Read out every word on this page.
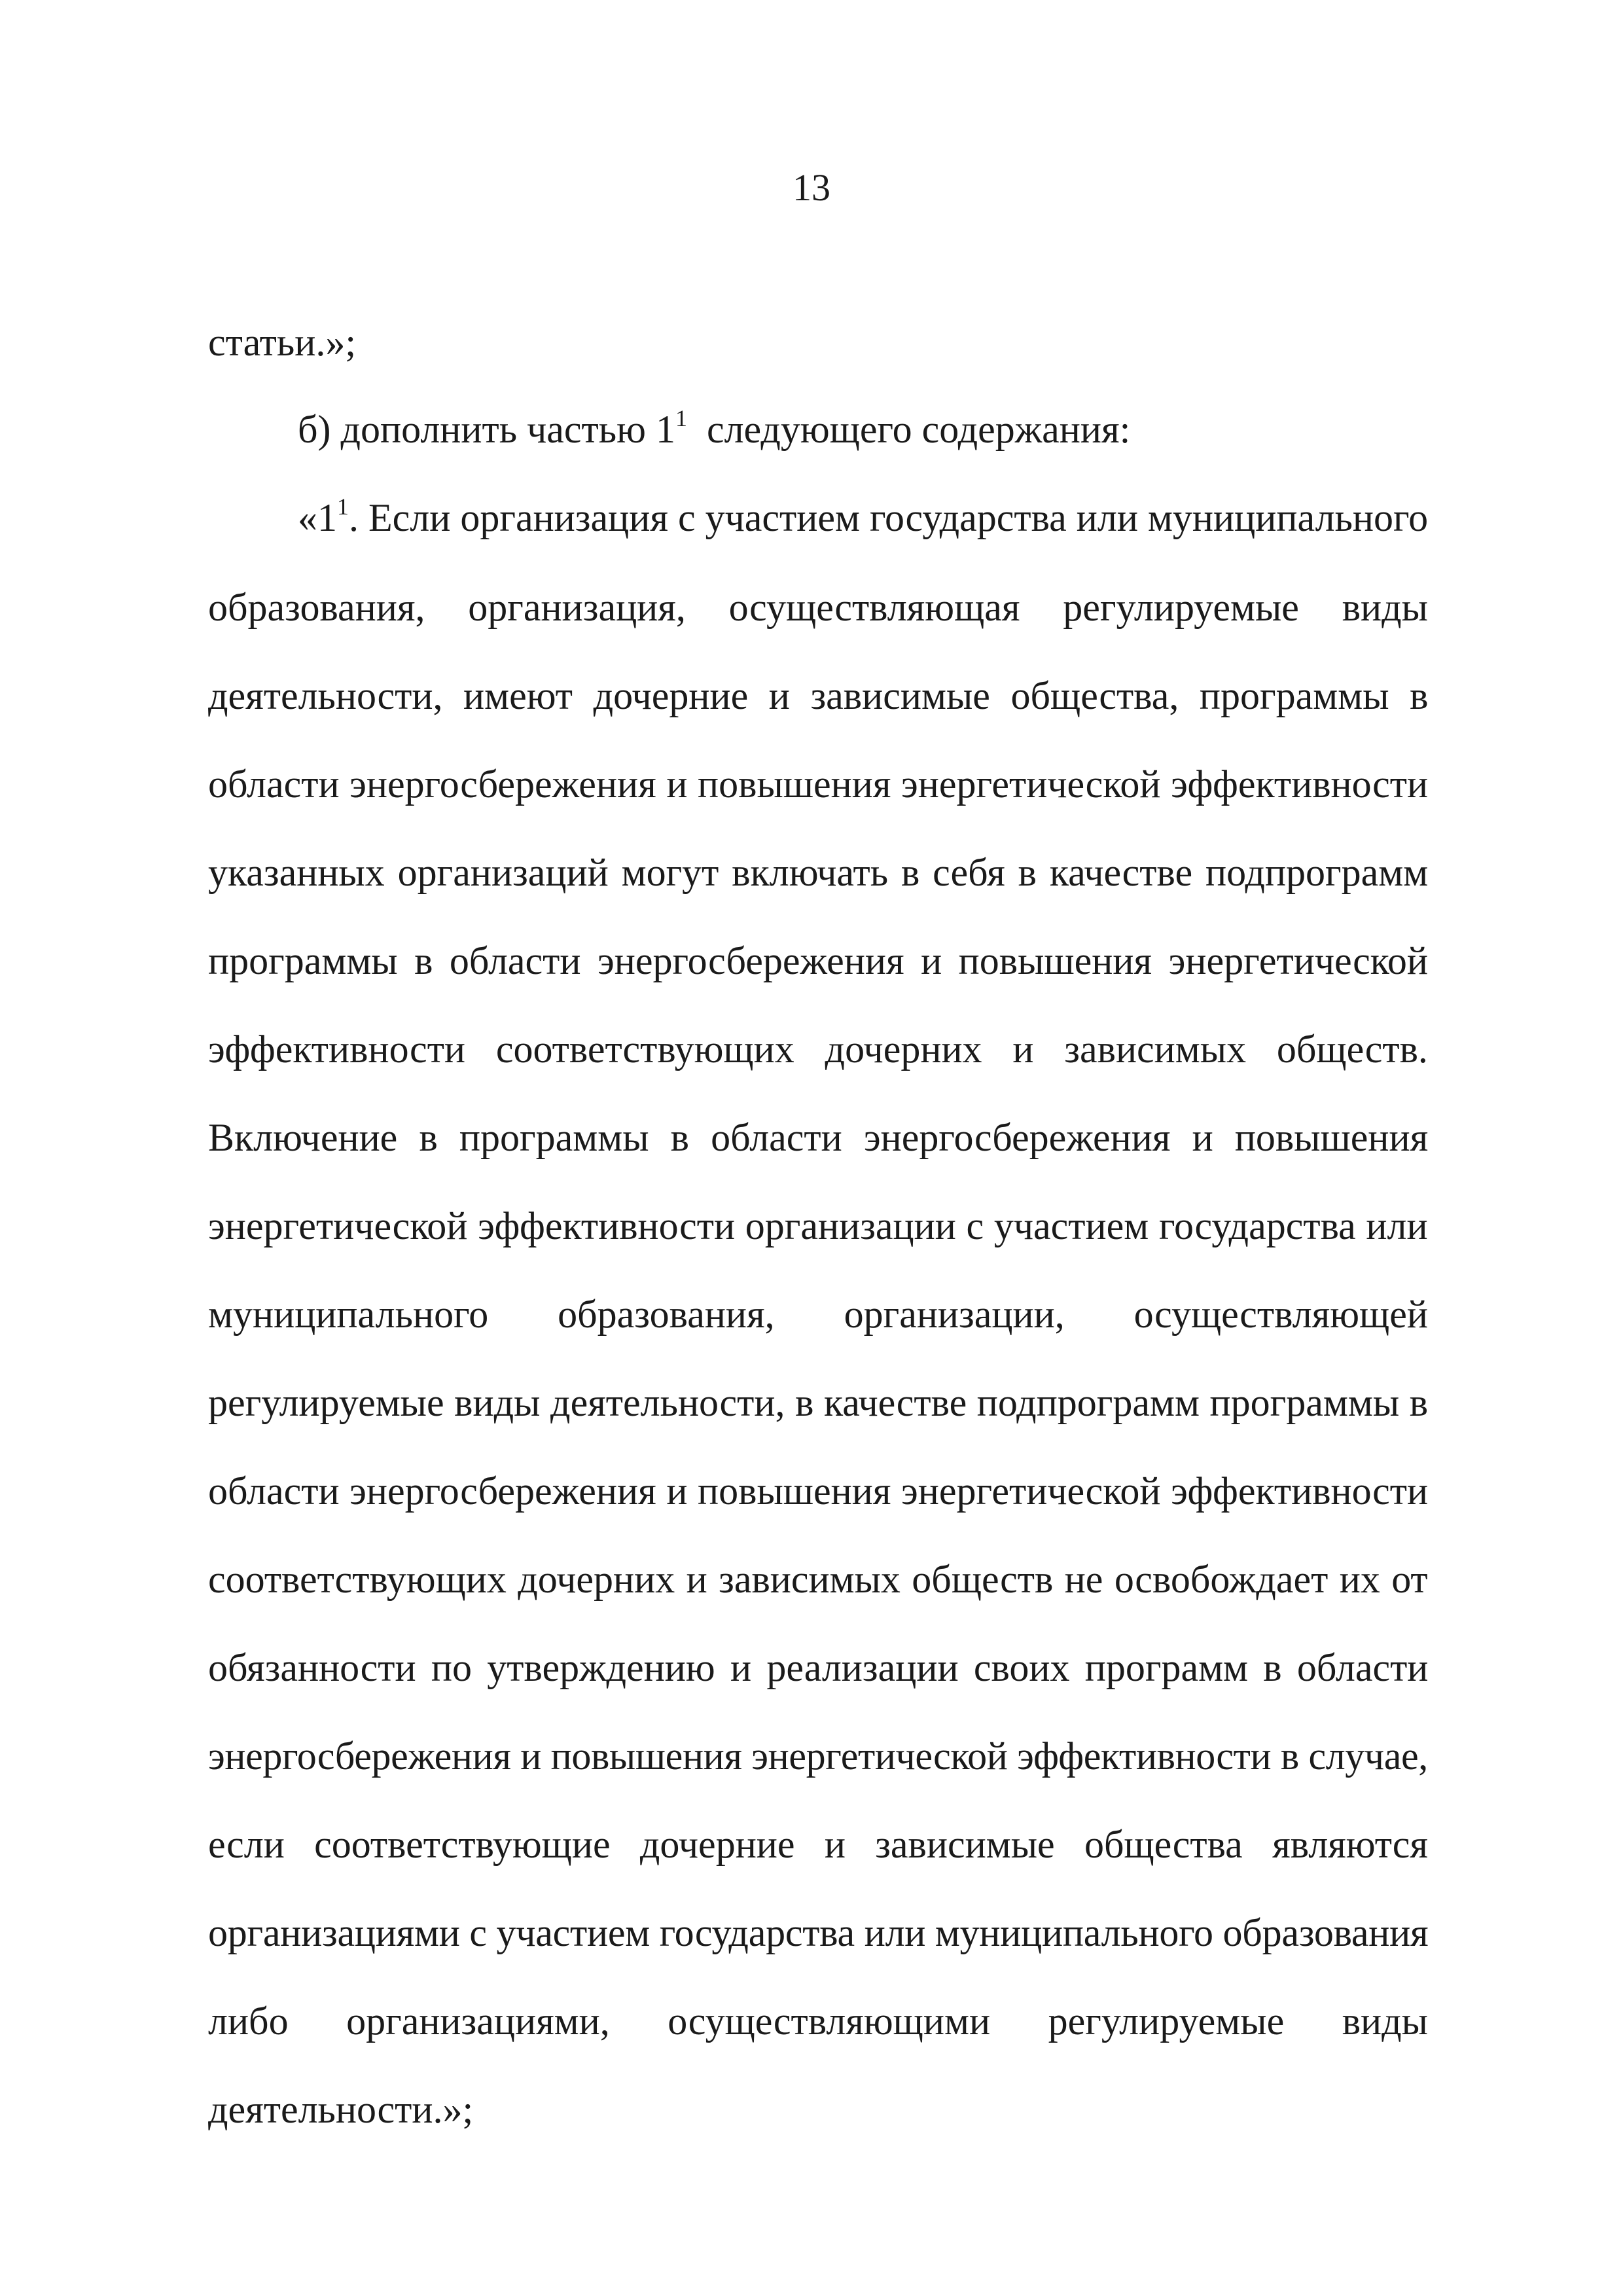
13
статьи.»;
б) дополнить частью $1^1$  следующего содержания:
«$1^1$. Если организация с участием государства или муниципального
образования, организация, осуществляющая регулируемые виды
деятельности, имеют дочерние и зависимые общества, программы в
области энергосбережения и повышения энергетической эффективности
указанных организаций могут включать в себя в качестве подпрограмм
программы в области энергосбережения и повышения энергетической
эффективности соответствующих дочерних и зависимых обществ.
Включение в программы в области энергосбережения и повышения
энергетической эффективности организации с участием государства или
муниципального образования, организации, осуществляющей
регулируемые виды деятельности, в качестве подпрограмм программы в
области энергосбережения и повышения энергетической эффективности
соответствующих дочерних и зависимых обществ не освобождает их от
обязанности по утверждению и реализации своих программ в области
энергосбережения и повышения энергетической эффективности в случае,
если соответствующие дочерние и зависимые общества являются
организациями с участием государства или муниципального образования
либо организациями, осуществляющими регулируемые виды
деятельности.»;
